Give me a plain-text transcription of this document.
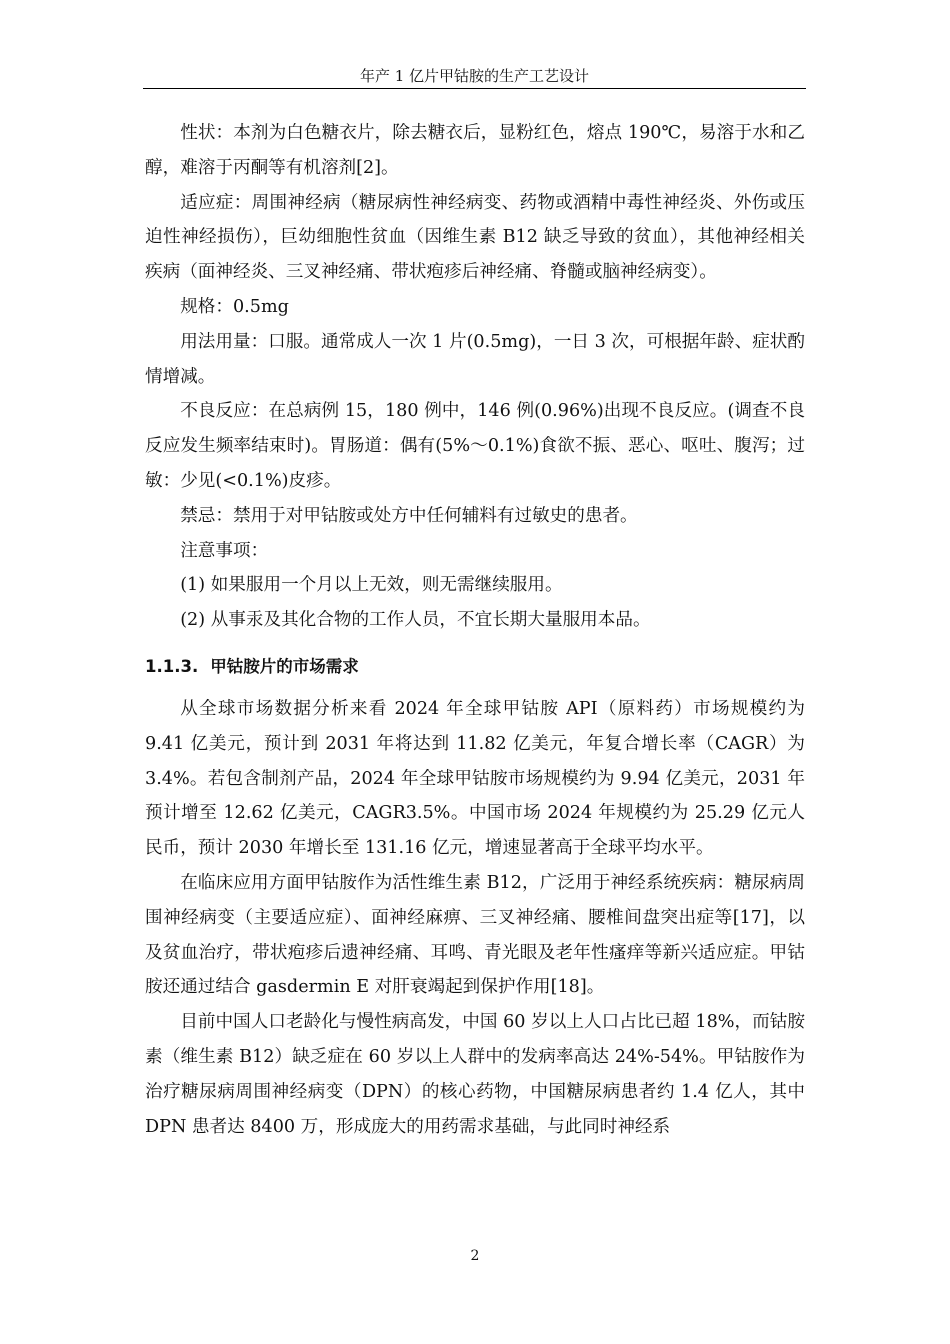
年产 1 亿片甲钴胺的生产工艺设计

性状：本剂为白色糖衣片，除去糖衣后，显粉红色，熔点 190℃，易溶于水和乙醇，难溶于丙酮等有机溶剂[2]。

适应症：周围神经病（糖尿病性神经病变、药物或酒精中毒性神经炎、外伤或压迫性神经损伤），巨幼细胞性贫血（因维生素 B12 缺乏导致的贫血），其他神经相关疾病（面神经炎、三叉神经痛、带状疱疹后神经痛、脊髓或脑神经病变）。

规格：0.5mg

用法用量：口服。通常成人一次 1 片(0.5mg)，一日 3 次，可根据年龄、症状酌情增减。

不良反应：在总病例 15，180 例中，146 例(0.96%)出现不良反应。(调查不良反应发生频率结束时)。胃肠道：偶有(5%～0.1%)食欲不振、恶心、呕吐、腹泻；过敏：少见(<0.1%)皮疹。

禁忌：禁用于对甲钴胺或处方中任何辅料有过敏史的患者。

注意事项：

(1) 如果服用一个月以上无效，则无需继续服用。

(2) 从事汞及其化合物的工作人员，不宜长期大量服用本品。

1.1.3. 甲钴胺片的市场需求

从全球市场数据分析来看 2024 年全球甲钴胺 API（原料药）市场规模约为 9.41 亿美元，预计到 2031 年将达到 11.82 亿美元，年复合增长率（CAGR）为 3.4%。若包含制剂产品，2024 年全球甲钴胺市场规模约为 9.94 亿美元，2031 年预计增至 12.62 亿美元，CAGR3.5%。中国市场 2024 年规模约为 25.29 亿元人民币，预计 2030 年增长至 131.16 亿元，增速显著高于全球平均水平。

在临床应用方面甲钴胺作为活性维生素 B12，广泛用于神经系统疾病：糖尿病周围神经病变（主要适应症）、面神经麻痹、三叉神经痛、腰椎间盘突出症等[17]，以及贫血治疗，带状疱疹后遗神经痛、耳鸣、青光眼及老年性瘙痒等新兴适应症。甲钴胺还通过结合 gasdermin E 对肝衰竭起到保护作用[18]。

目前中国人口老龄化与慢性病高发，中国 60 岁以上人口占比已超 18%，而钴胺素（维生素 B12）缺乏症在 60 岁以上人群中的发病率高达 24%-54%。甲钴胺作为治疗糖尿病周围神经病变（DPN）的核心药物，中国糖尿病患者约 1.4 亿人，其中 DPN 患者达 8400 万，形成庞大的用药需求基础，与此同时神经系

2
